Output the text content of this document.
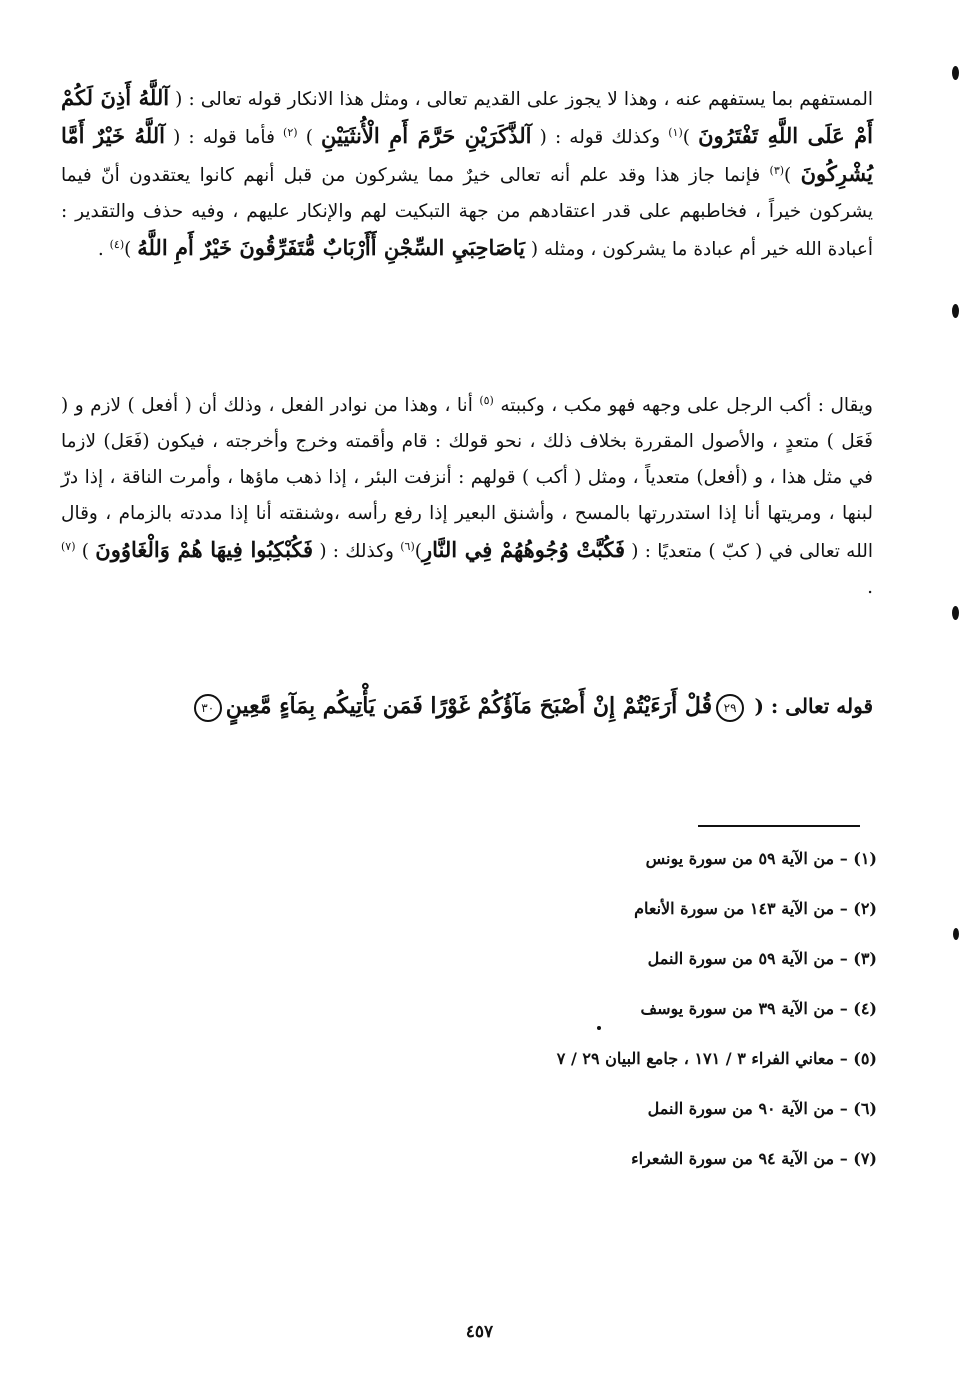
المستفهم بما يستفهم عنه ، وهذا لا يجوز على القديم تعالى ، ومثل هذا الانكار قوله تعالى : ( آللَّهُ أَذِنَ لَكُمْ أَمْ عَلَى اللَّهِ تَفْتَرُونَ )$^{(١)}$ وكذلك قوله : ( آلذَّكَرَيْنِ حَرَّمَ أَمِ الْأُنثَيَيْنِ ) $^{(٢)}$ فأما قوله : ( آللَّهُ خَيْرٌ أَمَّا يُشْرِكُونَ )$^{(٣)}$ فإنما جاز هذا وقد علم أنه تعالى خيرٌ مما يشركون من قبل أنهم كانوا يعتقدون أنّ فيما يشركون خيراً ، فخاطبهم على قدر اعتقادهم من جهة التبكيت لهم والإنكار عليهم ، وفيه حذف والتقدير : أعبادة الله خير أم عبادة ما يشركون ، ومثله ( يَاصَاحِبَيِ السِّجْنِ أَأَرْبَابٌ مُّتَفَرِّقُونَ خَيْرٌ أَمِ اللَّهُ )$^{(٤)}$ .

ويقال : أكب الرجل على وجهه فهو مكب ، وكببته $^{(٥)}$ أنا ، وهذا من نوادر الفعل ، وذلك أن ( أفعل ) لازم و ( فَعَل ) متعدٍ ، والأصول المقررة بخلاف ذلك ، نحو قولك : قام وأقمته وخرج وأخرجته ، فيكون (فَعَل) لازما في مثل هذا ، و (أفعل) متعدياً ، ومثل ( أكب ) قولهم : أنزفت البئر ، إذا ذهب ماؤها ، وأمرت الناقة ، إذا درّ لبنها ، ومريتها أنا إذا استدررتها بالمسح ، وأشنق البعير إذا رفع رأسه ،وشنقته أنا إذا مددته بالزمام ، وقال الله تعالى في ( كبّ ) متعديًا : ( فَكُبَّتْ وُجُوهُهُمْ فِي النَّارِ)$^{(٦)}$ وكذلك : ( فَكُبْكِبُوا فِيهَا هُمْ وَالْغَاوُونَ ) $^{(٧)}$ .

قوله تعالى : ( ٢٩قُلْ أَرَءَيْتُمْ إِنْ أَصْبَحَ مَآؤُكُمْ غَوْرًا فَمَن يَأْتِيكُم بِمَآءٍ مَّعِينٍ٣٠
(١) – من الآية ٥٩ من سورة يونس
(٢) – من الآية ١٤٣ من سورة الأنعام
(٣) – من الآية ٥٩ من سورة النمل
(٤) – من الآية ٣٩ من سورة يوسف
(٥) – معاني الفراء ٣ / ١٧١ ، جامع البيان ٢٩ / ٧
(٦) – من الآية ٩٠ من سورة النمل
(٧) – من الآية ٩٤ من سورة الشعراء
٤٥٧
